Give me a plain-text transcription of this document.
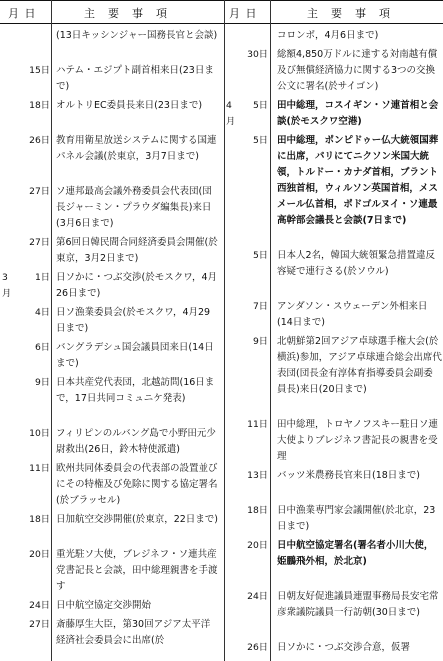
月 日	主　要　事　項	月 日	主　要　事　項
(13日キッシンジャー国務長官と会談)
15日 ハテム・エジプト副首相来日(23日まで)
18日 オルトリEC委員長来日(23日まで)
26日 教育用衛星放送システムに関する国連パネル会議(於東京，3月7日まで)
27日 ソ連邦最高会議外務委員会代表団(団長ジャーミン・プラウダ編集長)来日(3月6日まで)
27日 第6回日韓民間合同経済委員会開催(於東京，3月2日まで)
3月
1日 日ソかに・つぶ交渉(於モスクワ，4月26日まで)
4日 日ソ漁業委員会(於モスクワ，4月29日まで)
6日 バングラデシュ国会議員団来日(14日まで)
9日 日本共産党代表団，北越訪問(16日まで，17日共同コミュニケ発表)
10日 フィリピンのルバング島で小野田元少尉救出(26日，鈴木特使派遣)
11日 欧州共同体委員会の代表部の設置並びにその特権及び免除に関する協定署名(於ブラッセル)
18日 日加航空交渉開催(於東京，22日まで)
20日 重光駐ソ大使，ブレジネフ・ソ連共産党書記長と会談，田中総理親書を手渡す
24日 日中航空協定交渉開始
27日 斎藤厚生大臣，第30回アジア太平洋経済社会委員会に出席(於
コロンボ，4月6日まで)
30日 総額4,850万ドルに達する対南越有償及び無償経済協力に関する3つの交換公文に署名(於サイゴン)
4月
5日 田中総理，コスイギン・ソ連首相と会談(於モスクワ空港)
5日 田中総理，ポンピドゥー仏大統領国葬に出席，パリにてニクソン米国大統領，トルドー・カナダ首相，ブラント西独首相，ウィルソン英国首相，メスメール仏首相，ポドゴルヌイ・ソ連最高幹部会議長と会談(7日まで)
5日 日本人2名，韓国大統領緊急措置違反容疑で連行さる(於ソウル)
7日 アンダソン・スウェーデン外相来日(14日まで)
9日 北朝鮮第2回アジア卓球選手権大会(於横浜)参加，アジア卓球連合総会出席代表団(団長金有淳体育指導委員会副委員長)来日(20日まで)
11日 田中総理，トロヤノフスキー駐日ソ連大使よりブレジネフ書記長の親書を受理
13日 バッツ米農務長官来日(18日まで)
18日 日中漁業専門家会議開催(於北京，23日まで)
20日 日中航空協定署名(署名者小川大使，姫鵬飛外相，於北京)
24日 日朝友好促進議員連盟事務局長安宅常彦衆議院議員一行訪朝(30日まで)
26日 日ソかに・つぶ交渉合意，仮署
